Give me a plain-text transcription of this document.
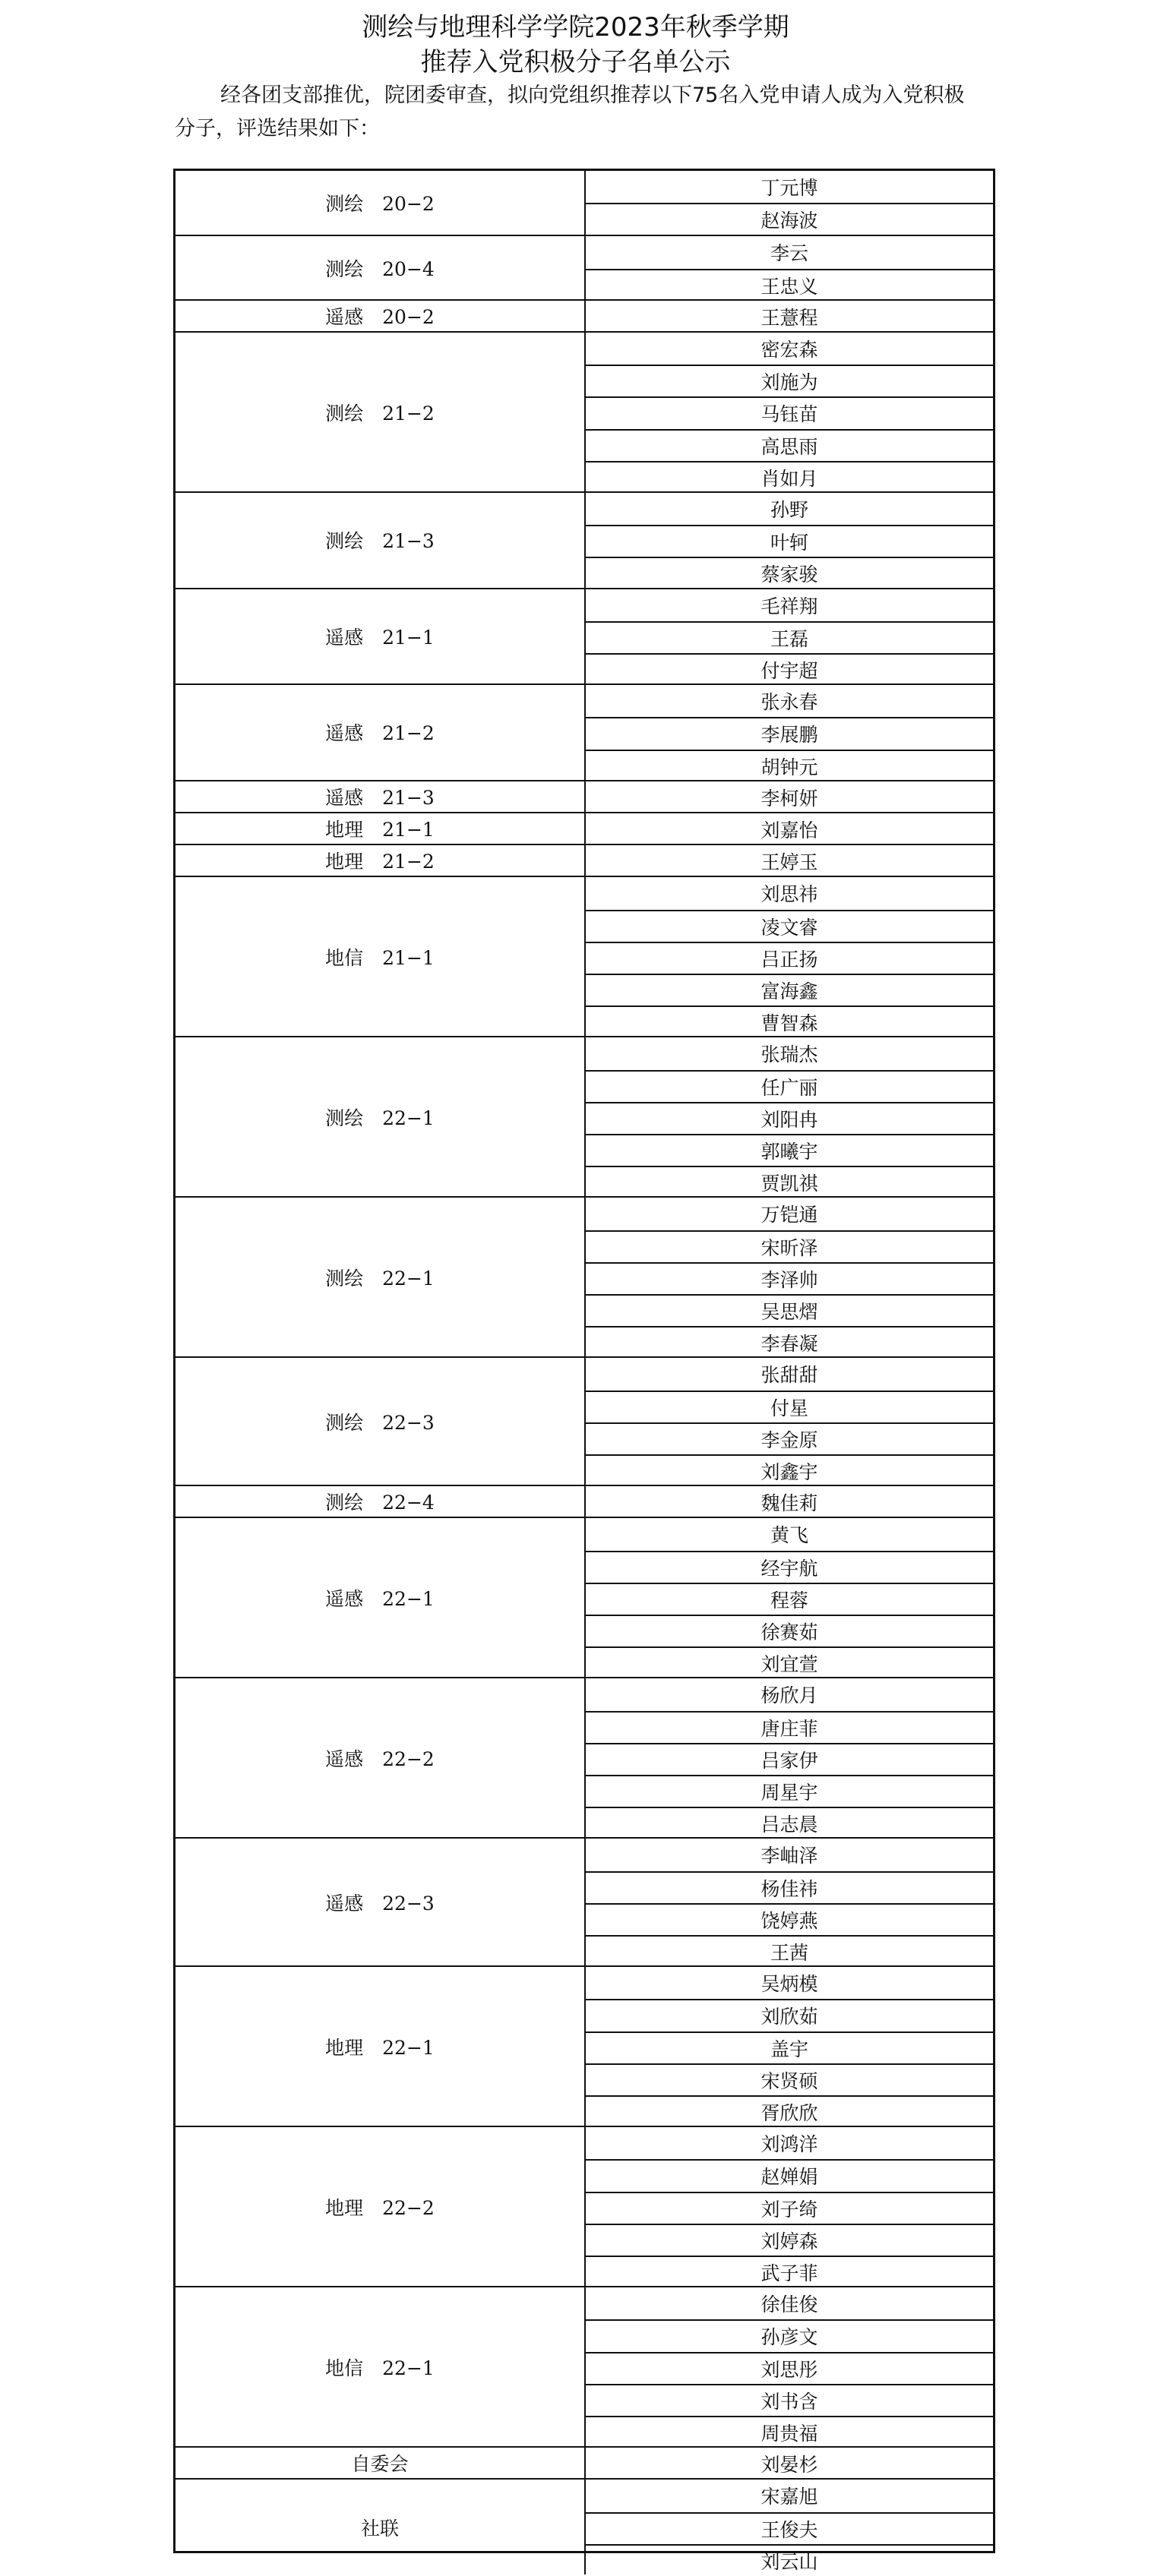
测绘与地理科学学院2023年秋季学期
推荐入党积极分子名单公示

经各团支部推优，院团委审查，拟向党组织推荐以下75名入党申请人成为入党积极分子，评选结果如下：

测绘　20−2
丁元博
赵海波
测绘　20−4
李云
王忠义
遥感　20−2	王薏程
测绘　21−2
密宏森
刘施为
马钰苗
高思雨
肖如月
测绘　21−3
孙野
叶轲
蔡家骏
遥感　21−1
毛祥翔
王磊
付宇超
遥感　21−2
张永春
李展鹏
胡钟元
遥感　21−3	李柯妍
地理　21−1	刘嘉怡
地理　21−2	王婷玉
地信　21−1
刘思祎
凌文睿
吕正扬
富海鑫
曹智森
测绘　22−1
张瑞杰
任广丽
刘阳冉
郭曦宇
贾凯祺
测绘　22−1
万铠通
宋昕泽
李泽帅
吴思熠
李春凝
测绘　22−3
张甜甜
付星
李金原
刘鑫宇
测绘　22−4	魏佳莉
遥感　22−1
黄飞
经宇航
程蓉
徐赛茹
刘宜萱
遥感　22−2
杨欣月
唐庄菲
吕家伊
周星宇
吕志晨
遥感　22−3
李岫泽
杨佳祎
饶婷燕
王茜
地理　22−1
吴炳模
刘欣茹
盖宇
宋贤硕
胥欣欣
地理　22−2
刘鸿洋
赵婵娟
刘子绮
刘婷森
武子菲
地信　22−1
徐佳俊
孙彦文
刘思彤
刘书含
周贵福
自委会	刘晏杉
社联
宋嘉旭
王俊夫
刘云山
